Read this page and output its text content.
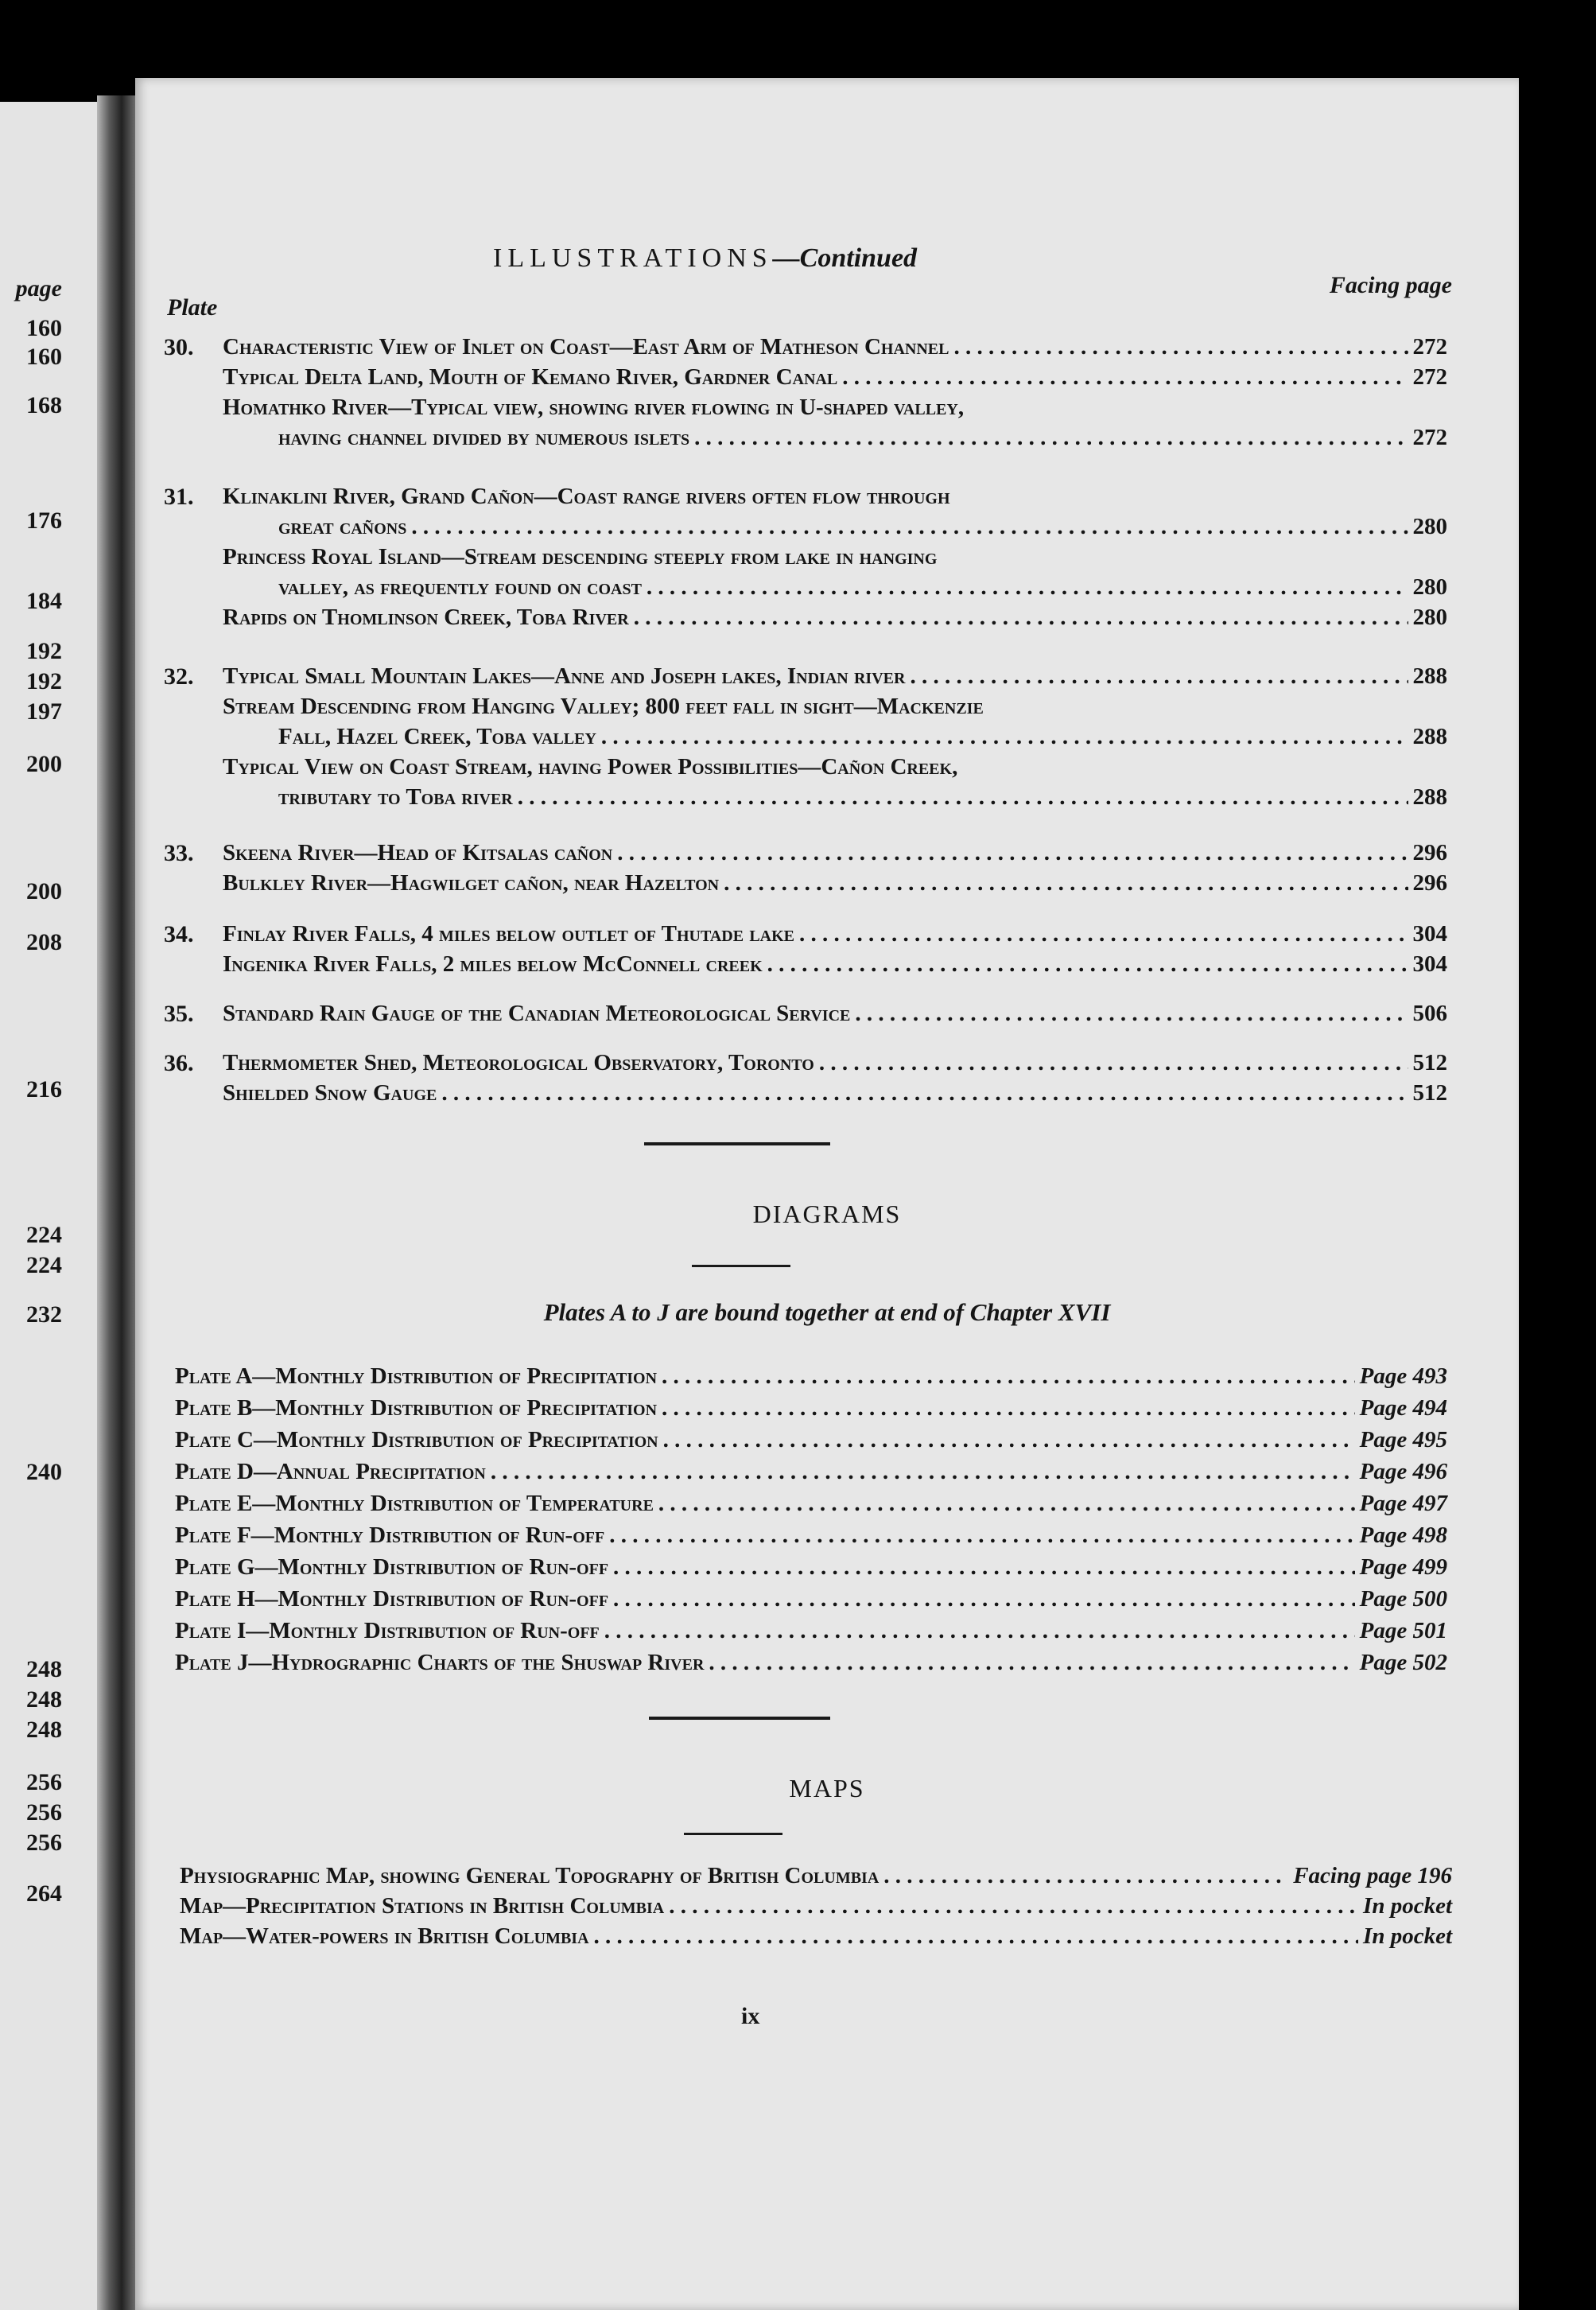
page
160
160
168
176
184
192
192
197
200
200
208
216
224
224
232
240
248
248
248
256
256
256
264
ILLUSTRATIONS—Continued
Plate
Facing page
30. Characteristic View of Inlet on Coast—East Arm of Matheson Channel . . .	272
Typical Delta Land, Mouth of Kemano River, Gardner Canal . . .	272
Homathko River—Typical view, showing river flowing in U-shaped valley,
having channel divided by numerous islets . . .	272
31. Klinaklini River, Grand Cañon—Coast range rivers often flow through
great cañons . . .	280
Princess Royal Island—Stream descending steeply from lake in hanging
valley, as frequently found on coast . . .	280
Rapids on Thomlinson Creek, Toba River . . .	280
32. Typical Small Mountain Lakes—Anne and Joseph lakes, Indian river . . .	288
Stream Descending from Hanging Valley; 800 feet fall in sight—Mackenzie
Fall, Hazel Creek, Toba valley . . .	288
Typical View on Coast Stream, having Power Possibilities—Cañon Creek,
tributary to Toba river . . .	288
33. Skeena River—Head of Kitsalas cañon . . .	296
Bulkley River—Hagwilget cañon, near Hazelton . . .	296
34. Finlay River Falls, 4 miles below outlet of Thutade lake . . .	304
Ingenika River Falls, 2 miles below McConnell creek . . .	304
35. Standard Rain Gauge of the Canadian Meteorological Service . . .	506
36. Thermometer Shed, Meteorological Observatory, Toronto . . .	512
Shielded Snow Gauge . . .	512
DIAGRAMS
Plates A to J are bound together at end of Chapter XVII
Plate A—Monthly Distribution of Precipitation . . .	Page 493
Plate B—Monthly Distribution of Precipitation . . .	Page 494
Plate C—Monthly Distribution of Precipitation . . .	Page 495
Plate D—Annual Precipitation . . .	Page 496
Plate E—Monthly Distribution of Temperature . . .	Page 497
Plate F—Monthly Distribution of Run-off . . .	Page 498
Plate G—Monthly Distribution of Run-off . . .	Page 499
Plate H—Monthly Distribution of Run-off . . .	Page 500
Plate I—Monthly Distribution of Run-off . . .	Page 501
Plate J—Hydrographic Charts of the Shuswap River . . .	Page 502
MAPS
Physiographic Map, showing General Topography of British Columbia . . .	Facing page 196
Map—Precipitation Stations in British Columbia . . .	In pocket
Map—Water-powers in British Columbia . . .	In pocket
ix
